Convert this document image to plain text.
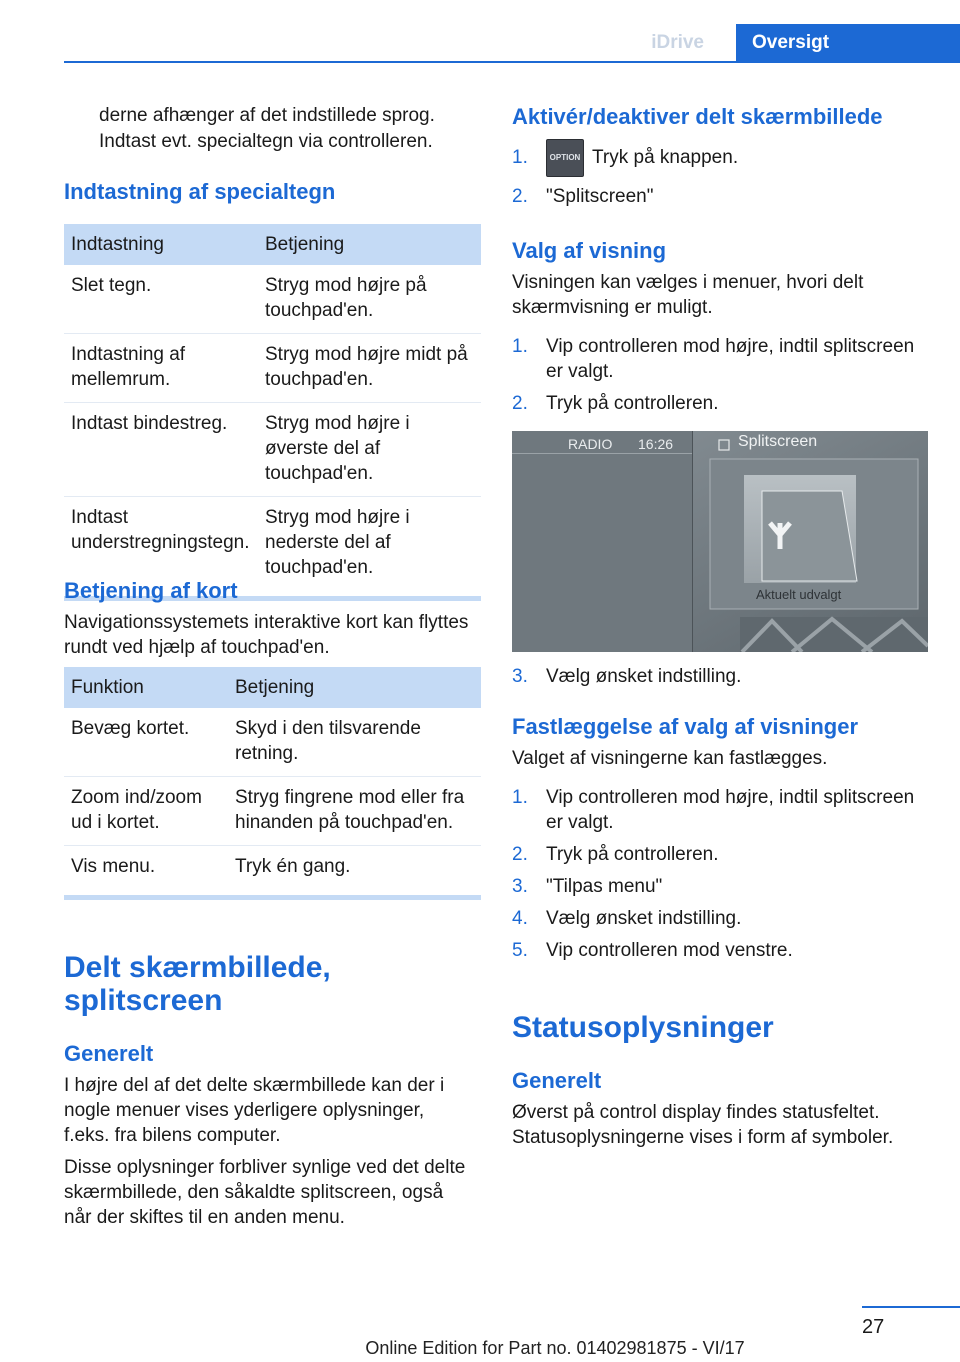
iDrive	Oversigt

derne afhænger af det indstillede sprog.

Indtast evt. specialtegn via controlleren.

Indtastning af specialtegn
Indtastning	Betjening
Slet tegn.	Stryg mod højre på touchpad'en.
Indtastning af mellemrum.	Stryg mod højre midt på touchpad'en.
Indtast bindestreg.	Stryg mod højre i øverste del af touchpad'en.
Indtast understregningstegn.	Stryg mod højre i nederste del af touchpad'en.
Betjening af kort

Navigationssystemets interaktive kort kan flyttes rundt ved hjælp af touchpad'en.

Funktion	Betjening
Bevæg kortet.	Skyd i den tilsvarende retning.
Zoom ind/zoom ud i kortet.	Stryg fingrene mod eller fra hinanden på touchpad'en.
Vis menu.	Tryk én gang.
Delt skærmbillede,
splitscreen
Generelt

I højre del af det delte skærmbillede kan der i nogle menuer vises yderligere oplysninger, f.eks. fra bilens computer.

Disse oplysninger forbliver synlige ved det delte skærmbillede, den såkaldte splitscreen, også når der skiftes til en anden menu.

Aktivér/deaktiver delt skærmbillede
1.	OPTION Tryk på knappen.
2. "Splitscreen"
Valg af visning

Visningen kan vælges i menuer, hvori delt skærmvisning er muligt.

1. Vip controlleren mod højre, indtil splitscreen er valgt.
2. Tryk på controlleren.
RADIO 16:26	Splitscreen
Aktuelt udvalgt
3. Vælg ønsket indstilling.
Fastlæggelse af valg af visninger

Valget af visningerne kan fastlægges.

1. Vip controlleren mod højre, indtil splitscreen er valgt.
2. Tryk på controlleren.
3. "Tilpas menu"
4. Vælg ønsket indstilling.
5. Vip controlleren mod venstre.
Statusoplysninger
Generelt

Øverst på control display findes statusfeltet. Statusoplysningerne vises i form af symboler.

27
Online Edition for Part no. 01402981875 - VI/17
